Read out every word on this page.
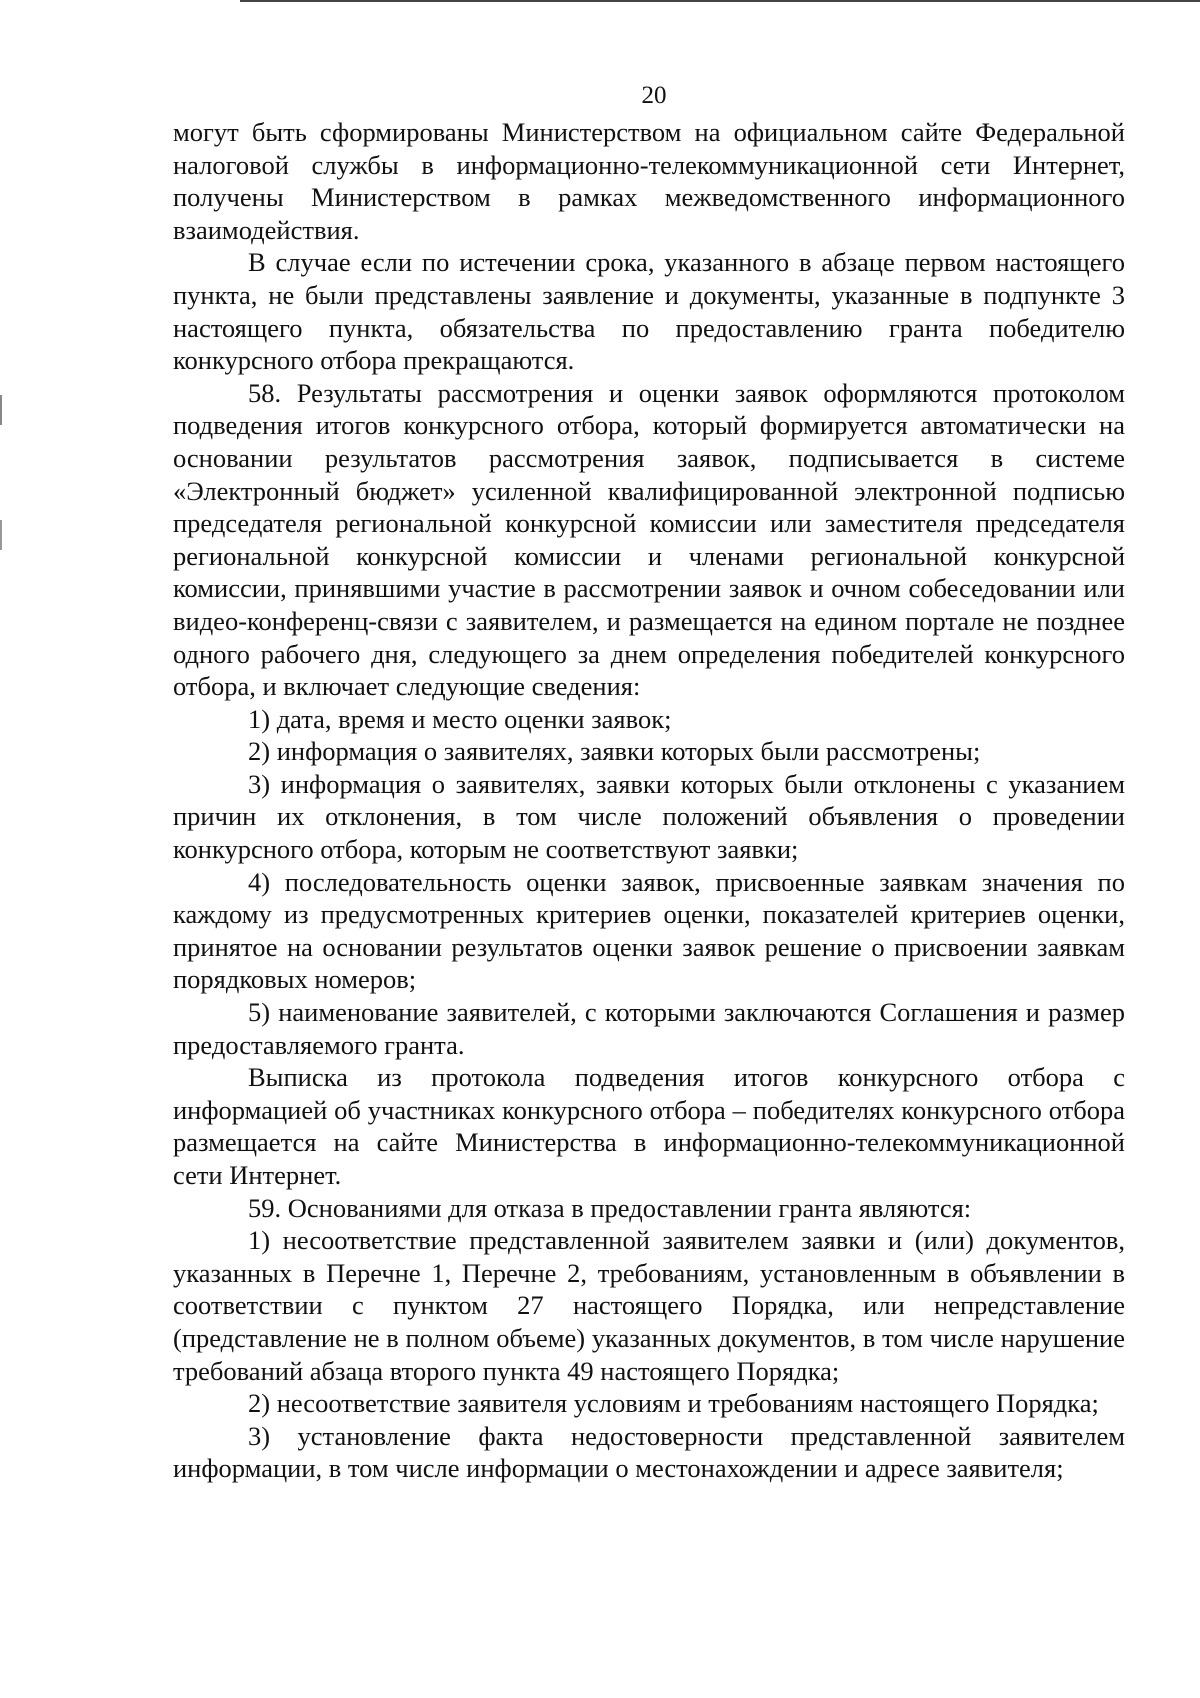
20

могут быть сформированы Министерством на официальном сайте Федеральной налоговой службы в информационно-телекоммуникационной сети Интернет, получены Министерством в рамках межведомственного информационного взаимодействия.

В случае если по истечении срока, указанного в абзаце первом настоящего пункта, не были представлены заявление и документы, указанные в подпункте 3 настоящего пункта, обязательства по предоставлению гранта победителю конкурсного отбора прекращаются.

58. Результаты рассмотрения и оценки заявок оформляются протоколом подведения итогов конкурсного отбора, который формируется автоматически на основании результатов рассмотрения заявок, подписывается в системе «Электронный бюджет» усиленной квалифицированной электронной подписью председателя региональной конкурсной комиссии или заместителя председателя региональной конкурсной комиссии и членами региональной конкурсной комиссии, принявшими участие в рассмотрении заявок и очном собеседовании или видео-конференц-связи с заявителем, и размещается на едином портале не позднее одного рабочего дня, следующего за днем определения победителей конкурсного отбора, и включает следующие сведения:

1) дата, время и место оценки заявок;

2) информация о заявителях, заявки которых были рассмотрены;

3) информация о заявителях, заявки которых были отклонены с указанием причин их отклонения, в том числе положений объявления о проведении конкурсного отбора, которым не соответствуют заявки;

4) последовательность оценки заявок, присвоенные заявкам значения по каждому из предусмотренных критериев оценки, показателей критериев оценки, принятое на основании результатов оценки заявок решение о присвоении заявкам порядковых номеров;

5) наименование заявителей, с которыми заключаются Соглашения и размер предоставляемого гранта.

Выписка из протокола подведения итогов конкурсного отбора с информацией об участниках конкурсного отбора – победителях конкурсного отбора размещается на сайте Министерства в информационно-телекоммуникационной сети Интернет.

59. Основаниями для отказа в предоставлении гранта являются:

1) несоответствие представленной заявителем заявки и (или) документов, указанных в Перечне 1, Перечне 2, требованиям, установленным в объявлении в соответствии с пунктом 27 настоящего Порядка, или непредставление (представление не в полном объеме) указанных документов, в том числе нарушение требований абзаца второго пункта 49 настоящего Порядка;

2) несоответствие заявителя условиям и требованиям настоящего Порядка;

3) установление факта недостоверности представленной заявителем информации, в том числе информации о местонахождении и адресе заявителя;
